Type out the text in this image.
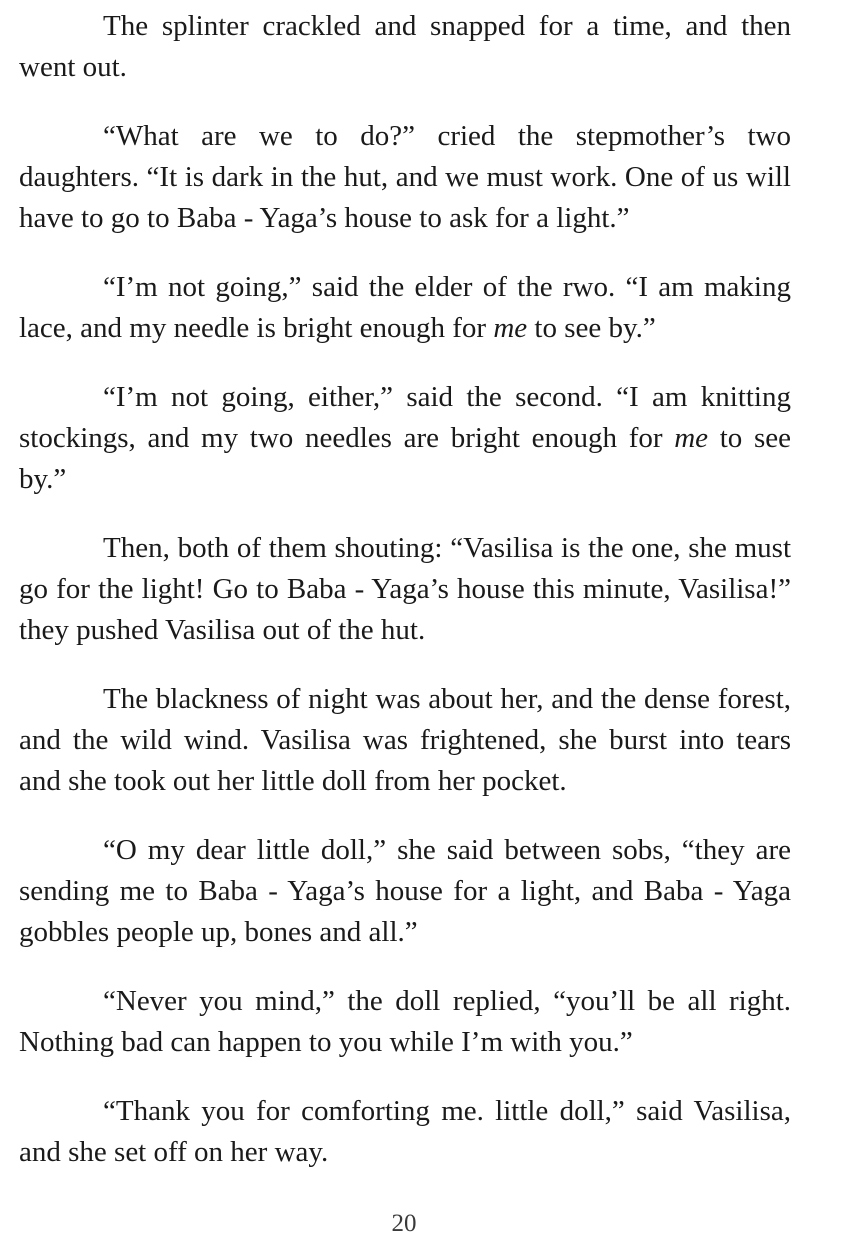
The splinter crackled and snapped for a time, and then went out.

“What are we to do?” cried the stepmother’s two daughters. “It is dark in the hut, and we must work. One of us will have to go to Baba - Yaga’s house to ask for a light.”

“I’m not going,” said the elder of the rwo. “I am making lace, and my needle is bright enough for me to see by.”

“I’m not going, either,” said the second. “I am knitting stockings, and my two needles are bright enough for me to see by.”

Then, both of them shouting: “Vasilisa is the one, she must go for the light! Go to Baba - Yaga’s house this minute, Vasilisa!” they pushed Vasilisa out of the hut.

The blackness of night was about her, and the dense forest, and the wild wind. Vasilisa was frightened, she burst into tears and she took out her little doll from her pocket.

“O my dear little doll,” she said between sobs, “they are sending me to Baba - Yaga’s house for a light, and Baba - Yaga gobbles people up, bones and all.”

“Never you mind,” the doll replied, “you’ll be all right. Nothing bad can happen to you while I’m with you.”

“Thank you for comforting me. little doll,” said Vasilisa, and she set off on her way.

20
